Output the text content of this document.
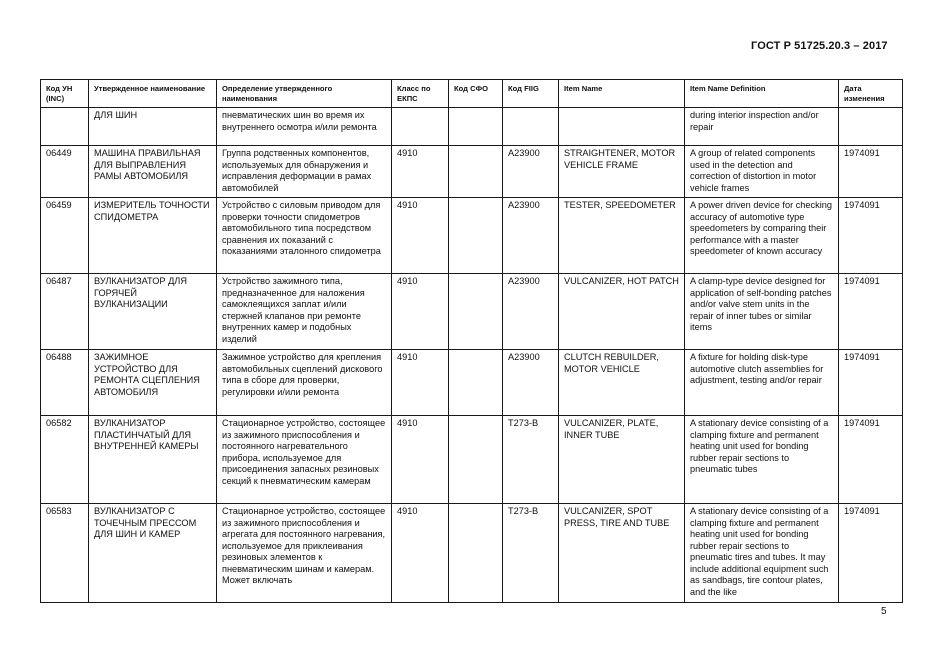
ГОСТ Р 51725.20.3 – 2017
Код УН (INC)	Утвержденное наименование	Определение утвержденного наименования	Класс по ЕКПС	Код СФО	Код FIIG	Item Name	Item Name Definition	Дата изменения
	ДЛЯ ШИН	пневматических шин во время их внутреннего осмотра и/или ремонта					during interior inspection and/or repair	
06449	МАШИНА ПРАВИЛЬНАЯ ДЛЯ ВЫПРАВЛЕНИЯ РАМЫ АВТОМОБИЛЯ	Группа родственных компонентов, используемых для обнаружения и исправления деформации в рамах автомобилей	4910		A23900	STRAIGHTENER, MOTOR VEHICLE FRAME	A group of related components used in the detection and correction of distortion in motor vehicle frames	1974091
06459	ИЗМЕРИТЕЛЬ ТОЧНОСТИ СПИДОМЕТРА	Устройство с силовым приводом для проверки точности спидометров автомобильного типа посредством сравнения их показаний с показаниями эталонного спидометра	4910		A23900	TESTER, SPEEDOMETER	A power driven device for checking accuracy of automotive type speedometers by comparing their performance with a master speedometer of known accuracy	1974091
06487	ВУЛКАНИЗАТОР ДЛЯ ГОРЯЧЕЙ ВУЛКАНИЗАЦИИ	Устройство зажимного типа, предназначенное для наложения самоклеящихся заплат и/или стержней клапанов при ремонте внутренних камер и подобных изделий	4910		A23900	VULCANIZER, HOT PATCH	A clamp-type device designed for application of self-bonding patches and/or valve stem units in the repair of inner tubes or similar items	1974091
06488	ЗАЖИМНОЕ УСТРОЙСТВО ДЛЯ РЕМОНТА СЦЕПЛЕНИЯ АВТОМОБИЛЯ	Зажимное устройство для крепления автомобильных сцеплений дискового типа в сборе для проверки, регулировки и/или ремонта	4910		A23900	CLUTCH REBUILDER, MOTOR VEHICLE	A fixture for holding disk-type automotive clutch assemblies for adjustment, testing and/or repair	1974091
06582	ВУЛКАНИЗАТОР ПЛАСТИНЧАТЫЙ ДЛЯ ВНУТРЕННЕЙ КАМЕРЫ	Стационарное устройство, состоящее из зажимного приспособления и постоянного нагревательного прибора, используемое для присоединения запасных резиновых секций к пневматическим камерам	4910		T273-B	VULCANIZER, PLATE, INNER TUBE	A stationary device consisting of a clamping fixture and permanent heating unit used for bonding rubber repair sections to pneumatic tubes	1974091
06583	ВУЛКАНИЗАТОР С ТОЧЕЧНЫМ ПРЕССОМ ДЛЯ ШИН И КАМЕР	Стационарное устройство, состоящее из зажимного приспособления и агрегата для постоянного нагревания, используемое для приклеивания резиновых элементов к пневматическим шинам и камерам. Может включать	4910		T273-B	VULCANIZER, SPOT PRESS, TIRE AND TUBE	A stationary device consisting of a clamping fixture and permanent heating unit used for bonding rubber repair sections to pneumatic tires and tubes. It may include additional equipment such as sandbags, tire contour plates, and the like	1974091
5
